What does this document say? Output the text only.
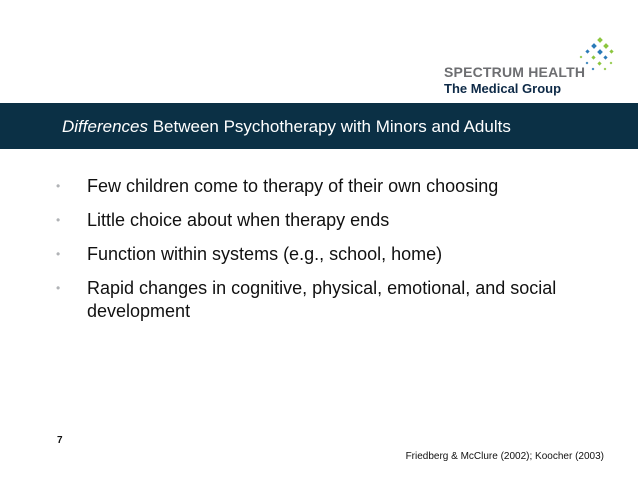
SPECTRUM HEALTH
The Medical Group
Differences Between Psychotherapy with Minors and Adults
• Few children come to therapy of their own choosing
• Little choice about when therapy ends
• Function within systems (e.g., school, home)
• Rapid changes in cognitive, physical, emotional, and social development
7
Friedberg & McClure (2002); Koocher (2003)
